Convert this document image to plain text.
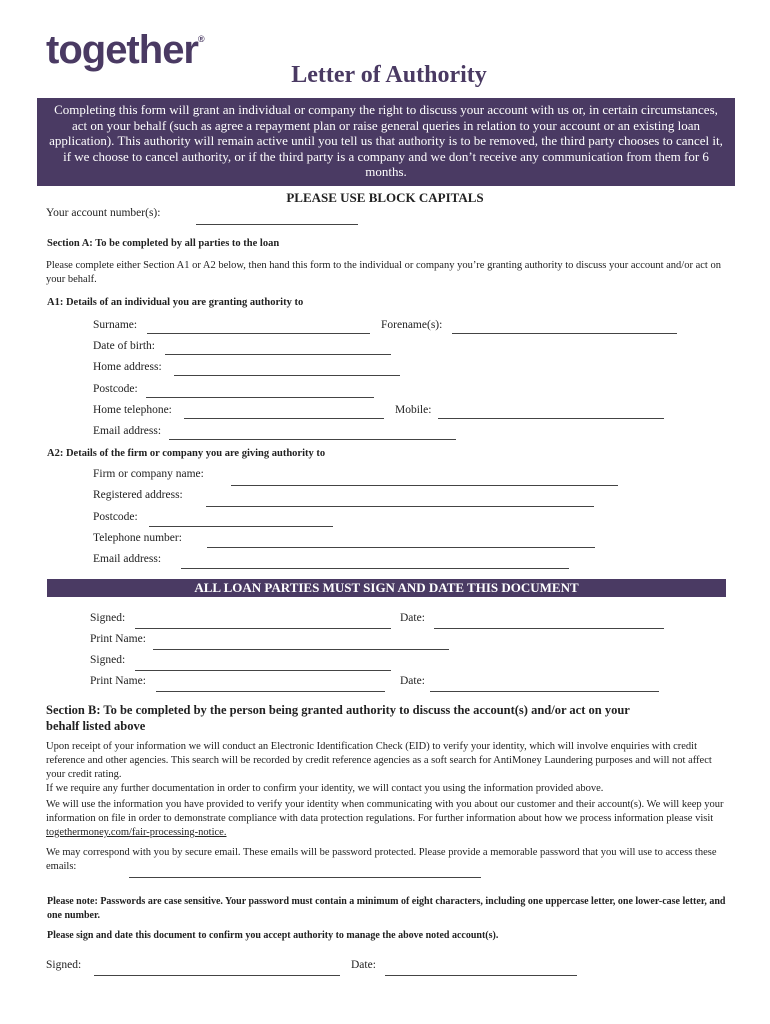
together®
Letter of Authority
Completing this form will grant an individual or company the right to discuss your account with us or, in certain circumstances, act on your behalf (such as agree a repayment plan or raise general queries in relation to your account or an existing loan application). This authority will remain active until you tell us that authority is to be removed, the third party chooses to cancel it, if we choose to cancel authority, or if the third party is a company and we don’t receive any communication from them for 6 months.
PLEASE USE BLOCK CAPITALS
Your account number(s):
Section A: To be completed by all parties to the loan
Please complete either Section A1 or A2 below, then hand this form to the individual or company you’re granting authority to discuss your account and/or act on your behalf.
A1: Details of an individual you are granting authority to
Surname:	Forename(s):
Date of birth:
Home address:
Postcode:
Home telephone:	Mobile:
Email address:
A2: Details of the firm or company you are giving authority to
Firm or company name:
Registered address:
Postcode:
Telephone number:
Email address:
ALL LOAN PARTIES MUST SIGN AND DATE THIS DOCUMENT
Signed:	Date:
Print Name:
Signed:
Print Name:	Date:
Section B: To be completed by the person being granted authority to discuss the account(s) and/or act on your
behalf listed above
Upon receipt of your information we will conduct an Electronic Identification Check (EID) to verify your identity, which will involve enquiries with credit reference and other agencies. This search will be recorded by credit reference agencies as a soft search for AntiMoney Laundering purposes and will not affect your credit rating.
If we require any further documentation in order to confirm your identity, we will contact you using the information provided above.
We will use the information you have provided to verify your identity when communicating with you about our customer and their account(s). We will keep your information on file in order to demonstrate compliance with data protection regulations. For further information about how we process information please visit togethermoney.com/fair-processing-notice.
We may correspond with you by secure email. These emails will be password protected. Please provide a memorable password that you will use to access these emails:
Please note: Passwords are case sensitive. Your password must contain a minimum of eight characters, including one uppercase letter, one lower-case letter, and one number.
Please sign and date this document to confirm you accept authority to manage the above noted account(s).
Signed:	Date:
